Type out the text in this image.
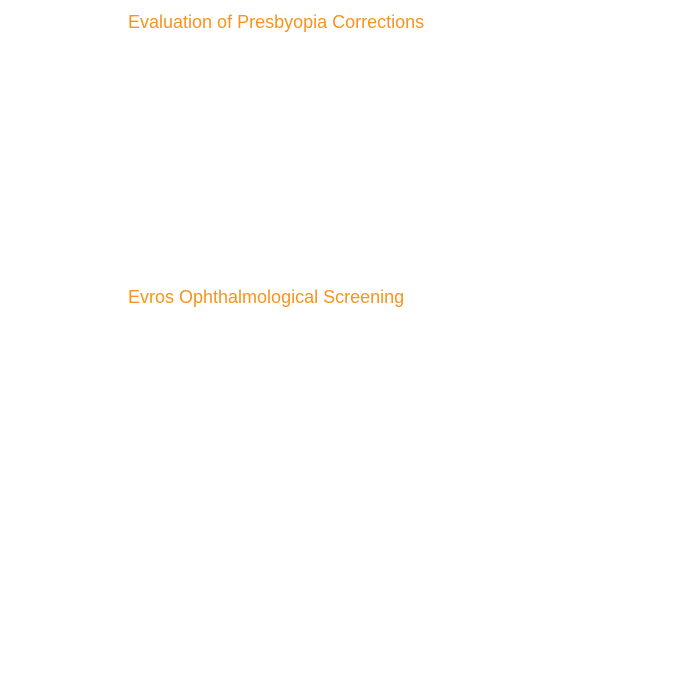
Evaluation of Presbyopia Corrections
Evros Ophthalmological Screening
